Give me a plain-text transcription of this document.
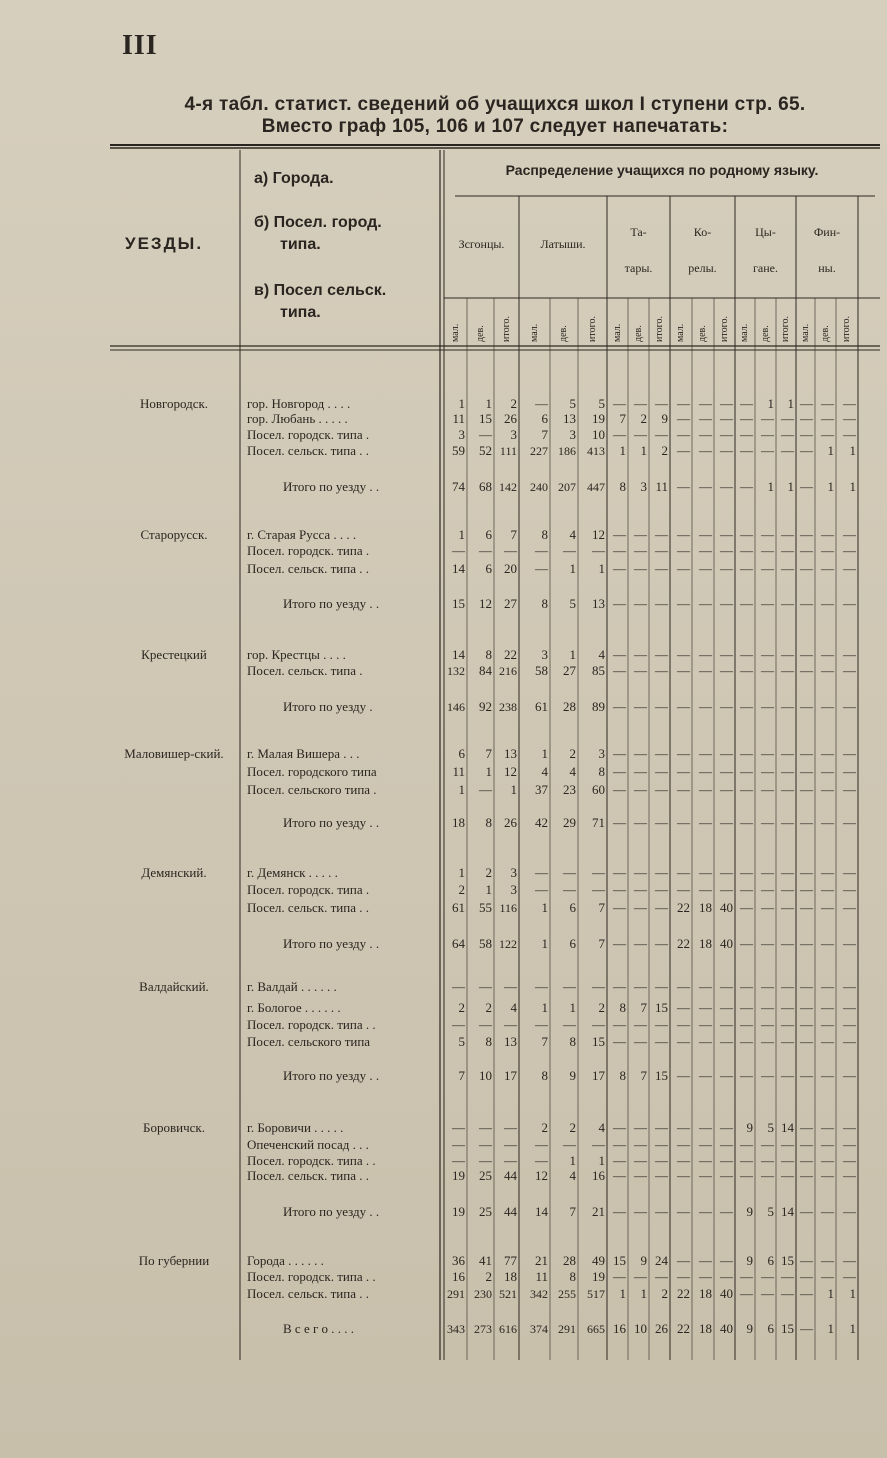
III
4-я табл. статист. сведений об учащихся школ I ступени стр. 65.
Вместо граф 105, 106 и 107 следует напечатать:
УЕЗДЫ.
а) Города.
б) Посел. город.
типа.
в) Посел сельск.
типа.
Распределение учащихся по родному языку.
Зсгонцы.	Латыши.
Та-
тары.
Ко-
релы.
Цы-
гане.
Фин-
ны.
мал. дев. итого. мал. дев. итого. мал. дев. итого. мал. дев. итого. мал. дев. итого. мал. дев. итого.
Новгородск.	гор. Новгород . . . .	1	1	2	—	5	5 — — — — — — —	1	1 — — —
гор. Любань . . . . .	11	15 26	6	13	19	7	2	9 — — — — — — — — —
Посел. городск. типа .	3	—	3	7	3	10 — — — — — — — — — — — —
Посел. сельск. типа . .	59	52 111	227 186 413	1	1	2 — — — — — — —	1	1
Итого по уезду . .	74	68 142	240 207 447	8	3 11 — — — —	1	1 —	1	1
Старорусск.	г. Старая Русса . . . .	1	6	7	8	4	12 — — — — — — — — — — — —
Посел. городск. типа .	—	— —	—	—	— — — — — — — — — — — — —
Посел. сельск. типа . .	14	6 20	—	1	1 — — — — — — — — — — — —
Итого по уезду . .	15	12 27	8	5	13 — — — — — — — — — — — —
Крестецкий	гор. Крестцы . . . .	14	8 22	3	1	4 — — — — — — — — — — — —
Посел. сельск. типа .	132	84 216	58	27	85 — — — — — — — — — — — —
Итого по уезду .	146	92 238	61	28	89 — — — — — — — — — — — —
Маловишер-ский.	г. Малая Вишера . . .	6	7 13	1	2	3 — — — — — — — — — — — —
Посел. городского типа	11	1 12	4	4	8 — — — — — — — — — — — —
Посел. сельского типа .	1	—	1	37	23	60 — — — — — — — — — — — —
Итого по уезду . .	18	8 26	42	29	71 — — — — — — — — — — — —
Демянский.	г. Демянск . . . . .	1	2	3	—	—	— — — — — — — — — — — — —
Посел. городск. типа .	2	1	3	—	—	— — — — — — — — — — — — —
Посел. сельск. типа . .	61	55 116	1	6	7 — — — 22 18 40 — — — — — —
Итого по уезду . .	64	58 122	1	6	7 — — — 22 18 40 — — — — — —
Валдайский.	г. Валдай . . . . . .	—	— —	—	—	— — — — — — — — — — — — —
г. Бологое . . . . . .	2	2	4	1	1	2	8	7 15 — — — — — — — — —
Посел. городск. типа . .	—	— —	—	—	— — — — — — — — — — — — —
Посел. сельского типа	5	8 13	7	8	15 — — — — — — — — — — — —
Итого по уезду . .	7	10 17	8	9	17	8	7 15 — — — — — — — — —
Боровичск.	г. Боровичи . . . . .	—	— —	2	2	4 — — — — — —	9	5 14 — — —
Опеченский посад . . .	—	— —	—	—	— — — — — — — — — — — — —
Посел. городск. типа . .	—	— —	—	1	1 — — — — — — — — — — — —
Посел. сельск. типа . .	19	25 44	12	4	16 — — — — — — — — — — — —
Итого по уезду . .	19	25 44	14	7	21 — — — — — —	9	5 14 — — —
По губернии	Города . . . . . .	36	41 77	21	28	49 15	9 24 — — —	9	6 15 — — —
Посел. городск. типа . .	16	2 18	11	8	19 — — — — — — — — — — — —
Посел. сельск. типа . .	291 230 521	342 255 517	1	1	2 22 18 40 — — — —	1	1
В с е г о . . . .	343 273 616	374 291 665 16 10 26 22 18 40	9	6 15 —	1	1
